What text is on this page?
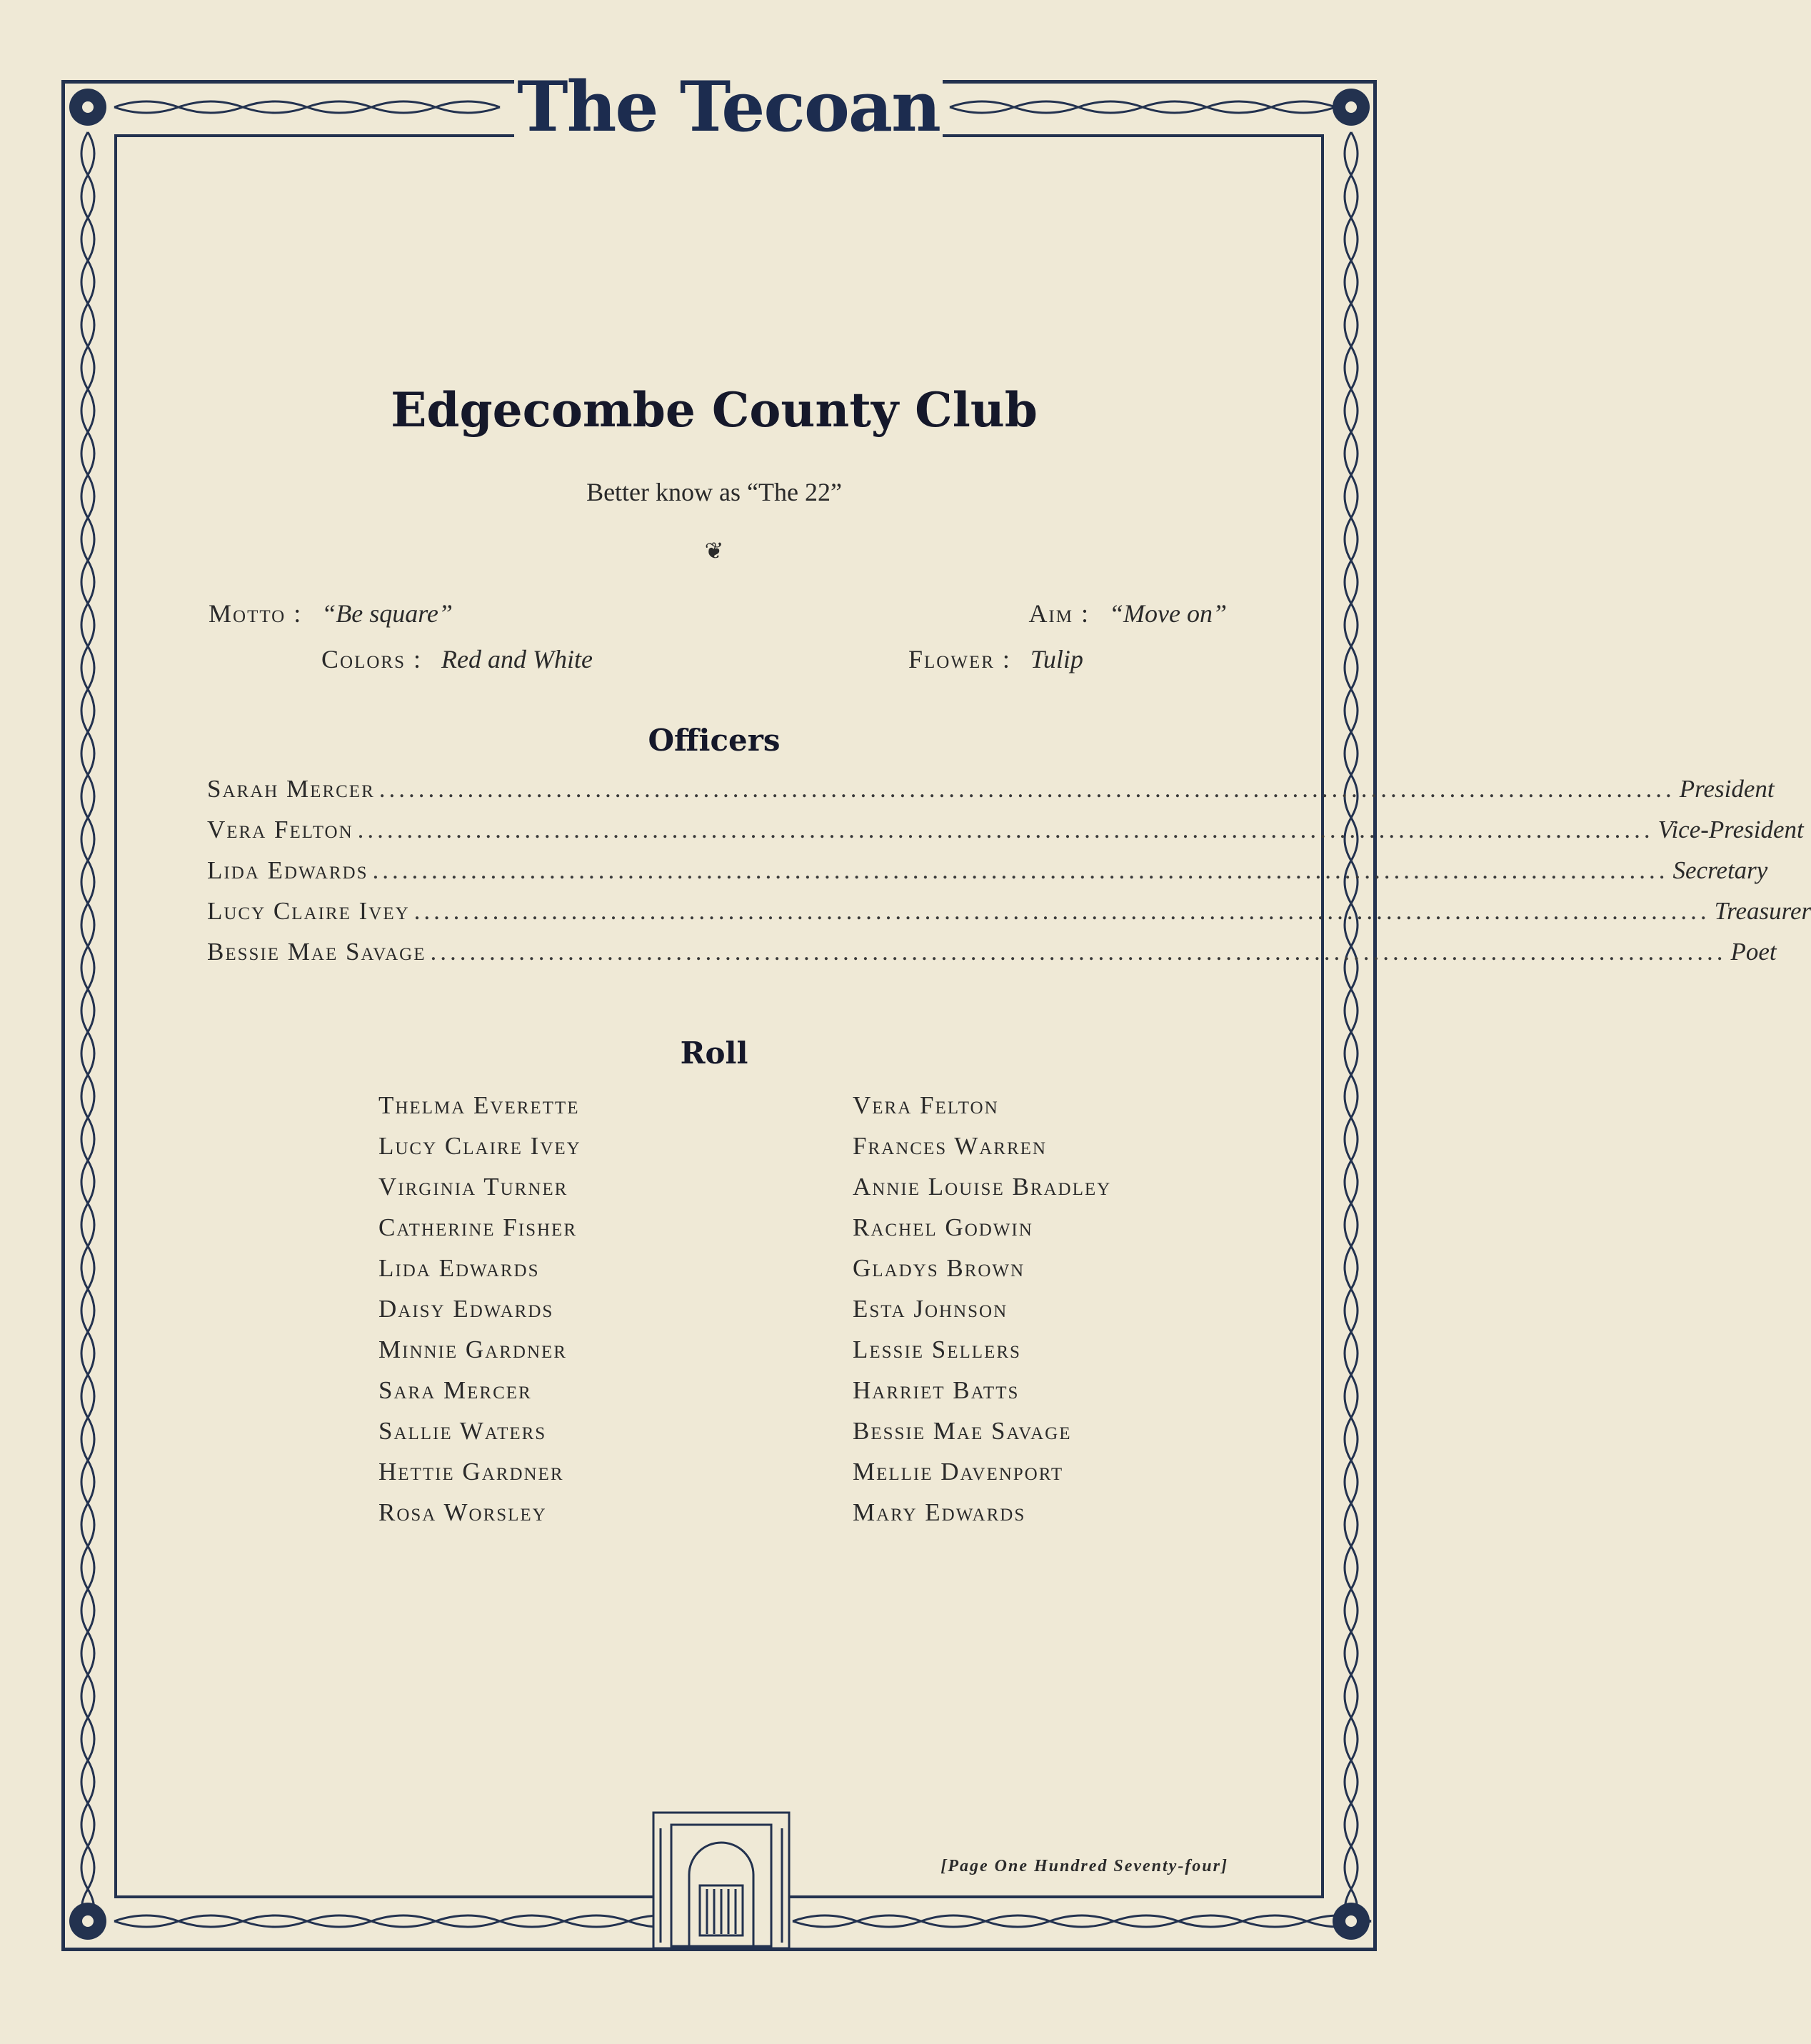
The Tecoan
Edgecombe County Club
Better know as “The 22”
❦
Motto : “Be square”	Aim : “Move on”
Colors : Red and White	Flower : Tulip
Officers
Sarah Mercer .................................................................................................................................... President
Vera Felton .................................................................................................................................... Vice-President
Lida Edwards .................................................................................................................................... Secretary
Lucy Claire Ivey .................................................................................................................................... Treasurer
Bessie Mae Savage .................................................................................................................................... Poet
Roll
Thelma Everette
Lucy Claire Ivey
Virginia Turner
Catherine Fisher
Lida Edwards
Daisy Edwards
Minnie Gardner
Sara Mercer
Sallie Waters
Hettie Gardner
Rosa Worsley
Vera Felton
Frances Warren
Annie Louise Bradley
Rachel Godwin
Gladys Brown
Esta Johnson
Lessie Sellers
Harriet Batts
Bessie Mae Savage
Mellie Davenport
Mary Edwards
[Page One Hundred Seventy-four]
